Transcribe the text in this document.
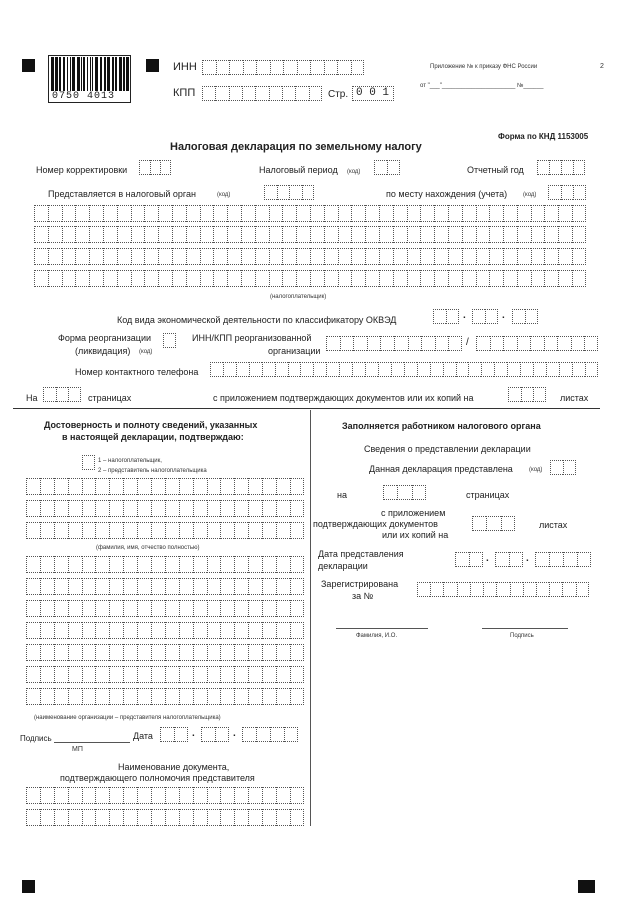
0750 4013
ИНН
КПП	Стр. 0 0 1
Приложение № к приказу ФНС России
от "___"______________________ №______
2
Форма по КНД 1153005
Налоговая декларация по земельному налогу
Номер корректировки	Налоговый период (код)	Отчетный год
Представляется в налоговый орган	(код)	по месту нахождения (учета)	(код)
(налогоплательщик)
Код вида экономической деятельности по классификатору ОКВЭД	.	.
Форма реорганизации
(ликвидация) (код)
ИНН/КПП реорганизованной
организации
/
Номер контактного телефона
На	страницах	с приложением подтверждающих документов или их копий на	листах
Достоверность и полноту сведений, указанных
в настоящей декларации, подтверждаю:
1 – налогоплательщик,
2 – представитель налогоплательщика
(фамилия, имя, отчество полностью)
(наименование организации – представителя налогоплательщика)
Подпись	Дата	.	.
МП
Наименование документа,
подтверждающего полномочия представителя
Заполняется работником налогового органа
Сведения о представлении декларации
Данная декларация представлена	(код)
на	страницах
с приложением
подтверждающих документов
или их копий на
листах
Дата представления
декларации
.	.
Зарегистрирована
за №
Фамилия, И.О.	Подпись
